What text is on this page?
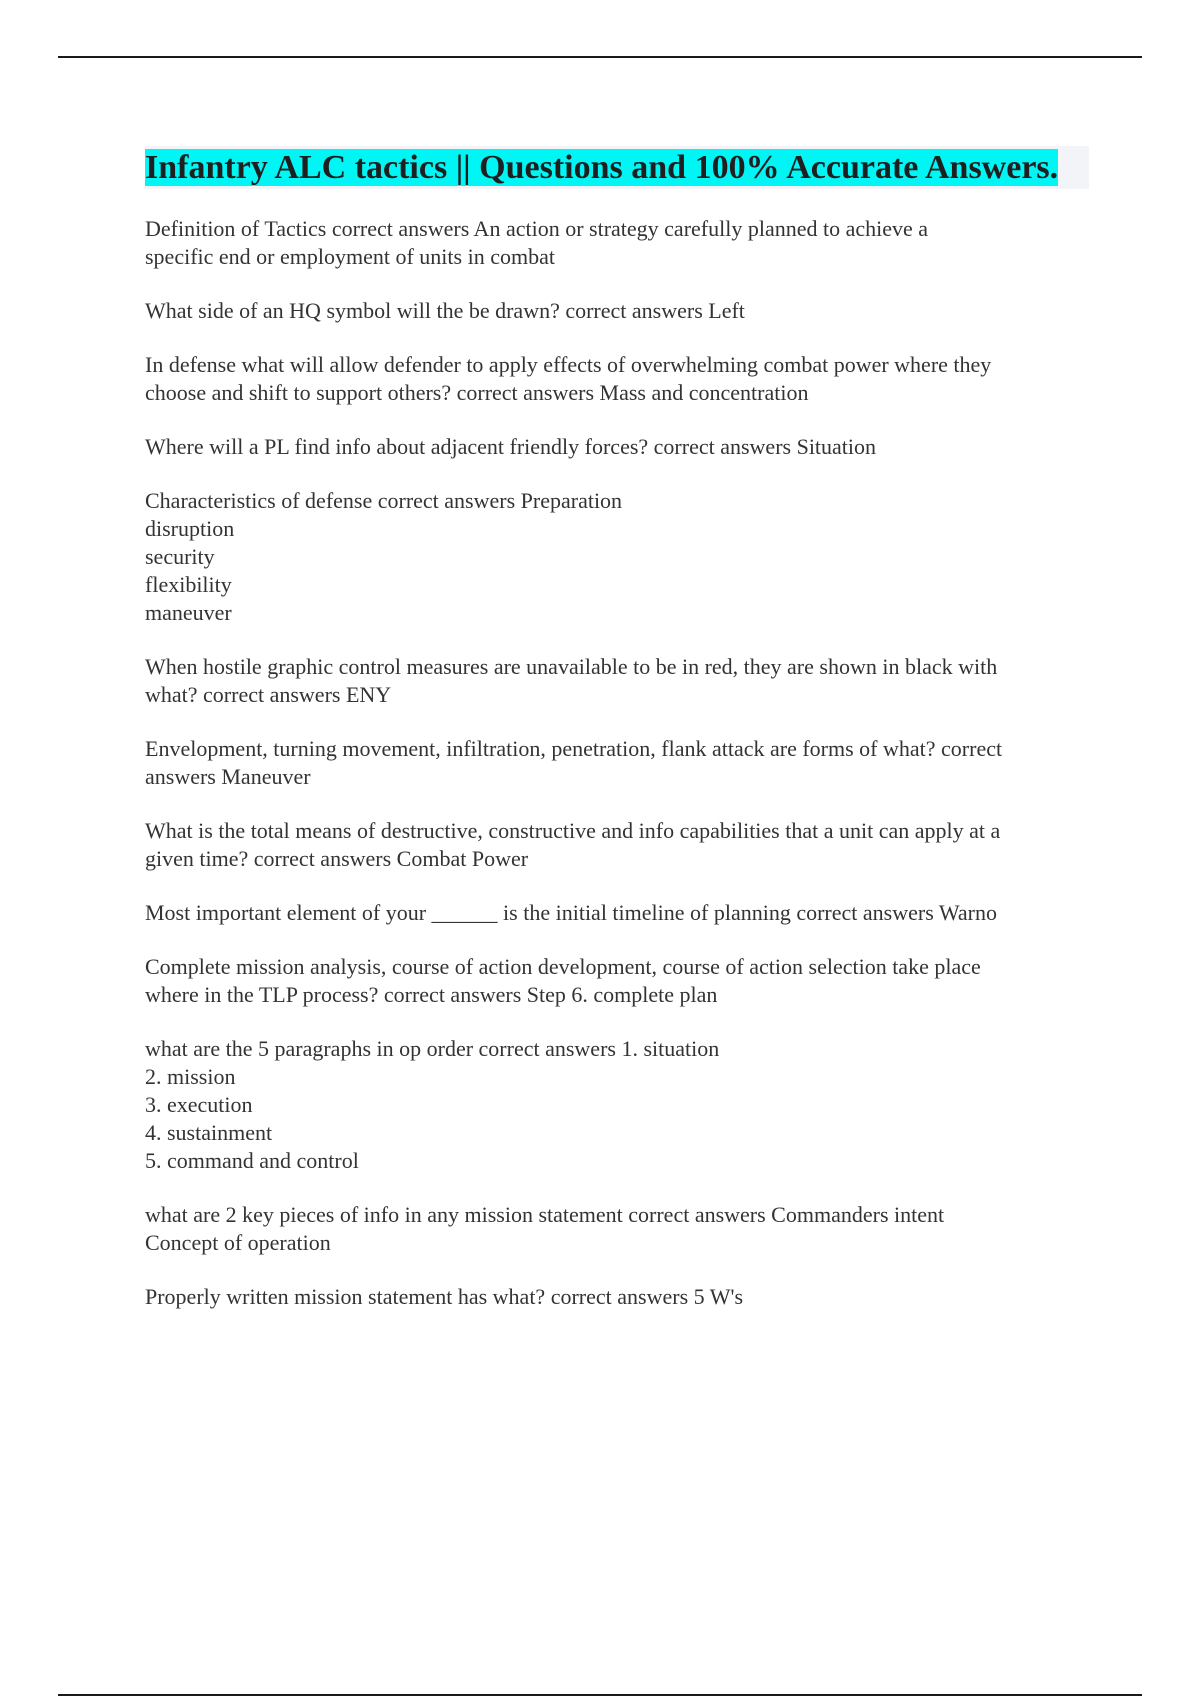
Infantry ALC tactics || Questions and 100% Accurate Answers.

Definition of Tactics correct answers An action or strategy carefully planned to achieve a
specific end or employment of units in combat

What side of an HQ symbol will the be drawn? correct answers Left

In defense what will allow defender to apply effects of overwhelming combat power where they
choose and shift to support others? correct answers Mass and concentration

Where will a PL find info about adjacent friendly forces? correct answers Situation

Characteristics of defense correct answers Preparation
disruption
security
flexibility
maneuver

When hostile graphic control measures are unavailable to be in red, they are shown in black with
what? correct answers ENY

Envelopment, turning movement, infiltration, penetration, flank attack are forms of what? correct
answers Maneuver

What is the total means of destructive, constructive and info capabilities that a unit can apply at a
given time? correct answers Combat Power

Most important element of your ______ is the initial timeline of planning correct answers Warno

Complete mission analysis, course of action development, course of action selection take place
where in the TLP process? correct answers Step 6. complete plan

what are the 5 paragraphs in op order correct answers 1. situation
2. mission
3. execution
4. sustainment
5. command and control

what are 2 key pieces of info in any mission statement correct answers Commanders intent
Concept of operation

Properly written mission statement has what? correct answers 5 W's
